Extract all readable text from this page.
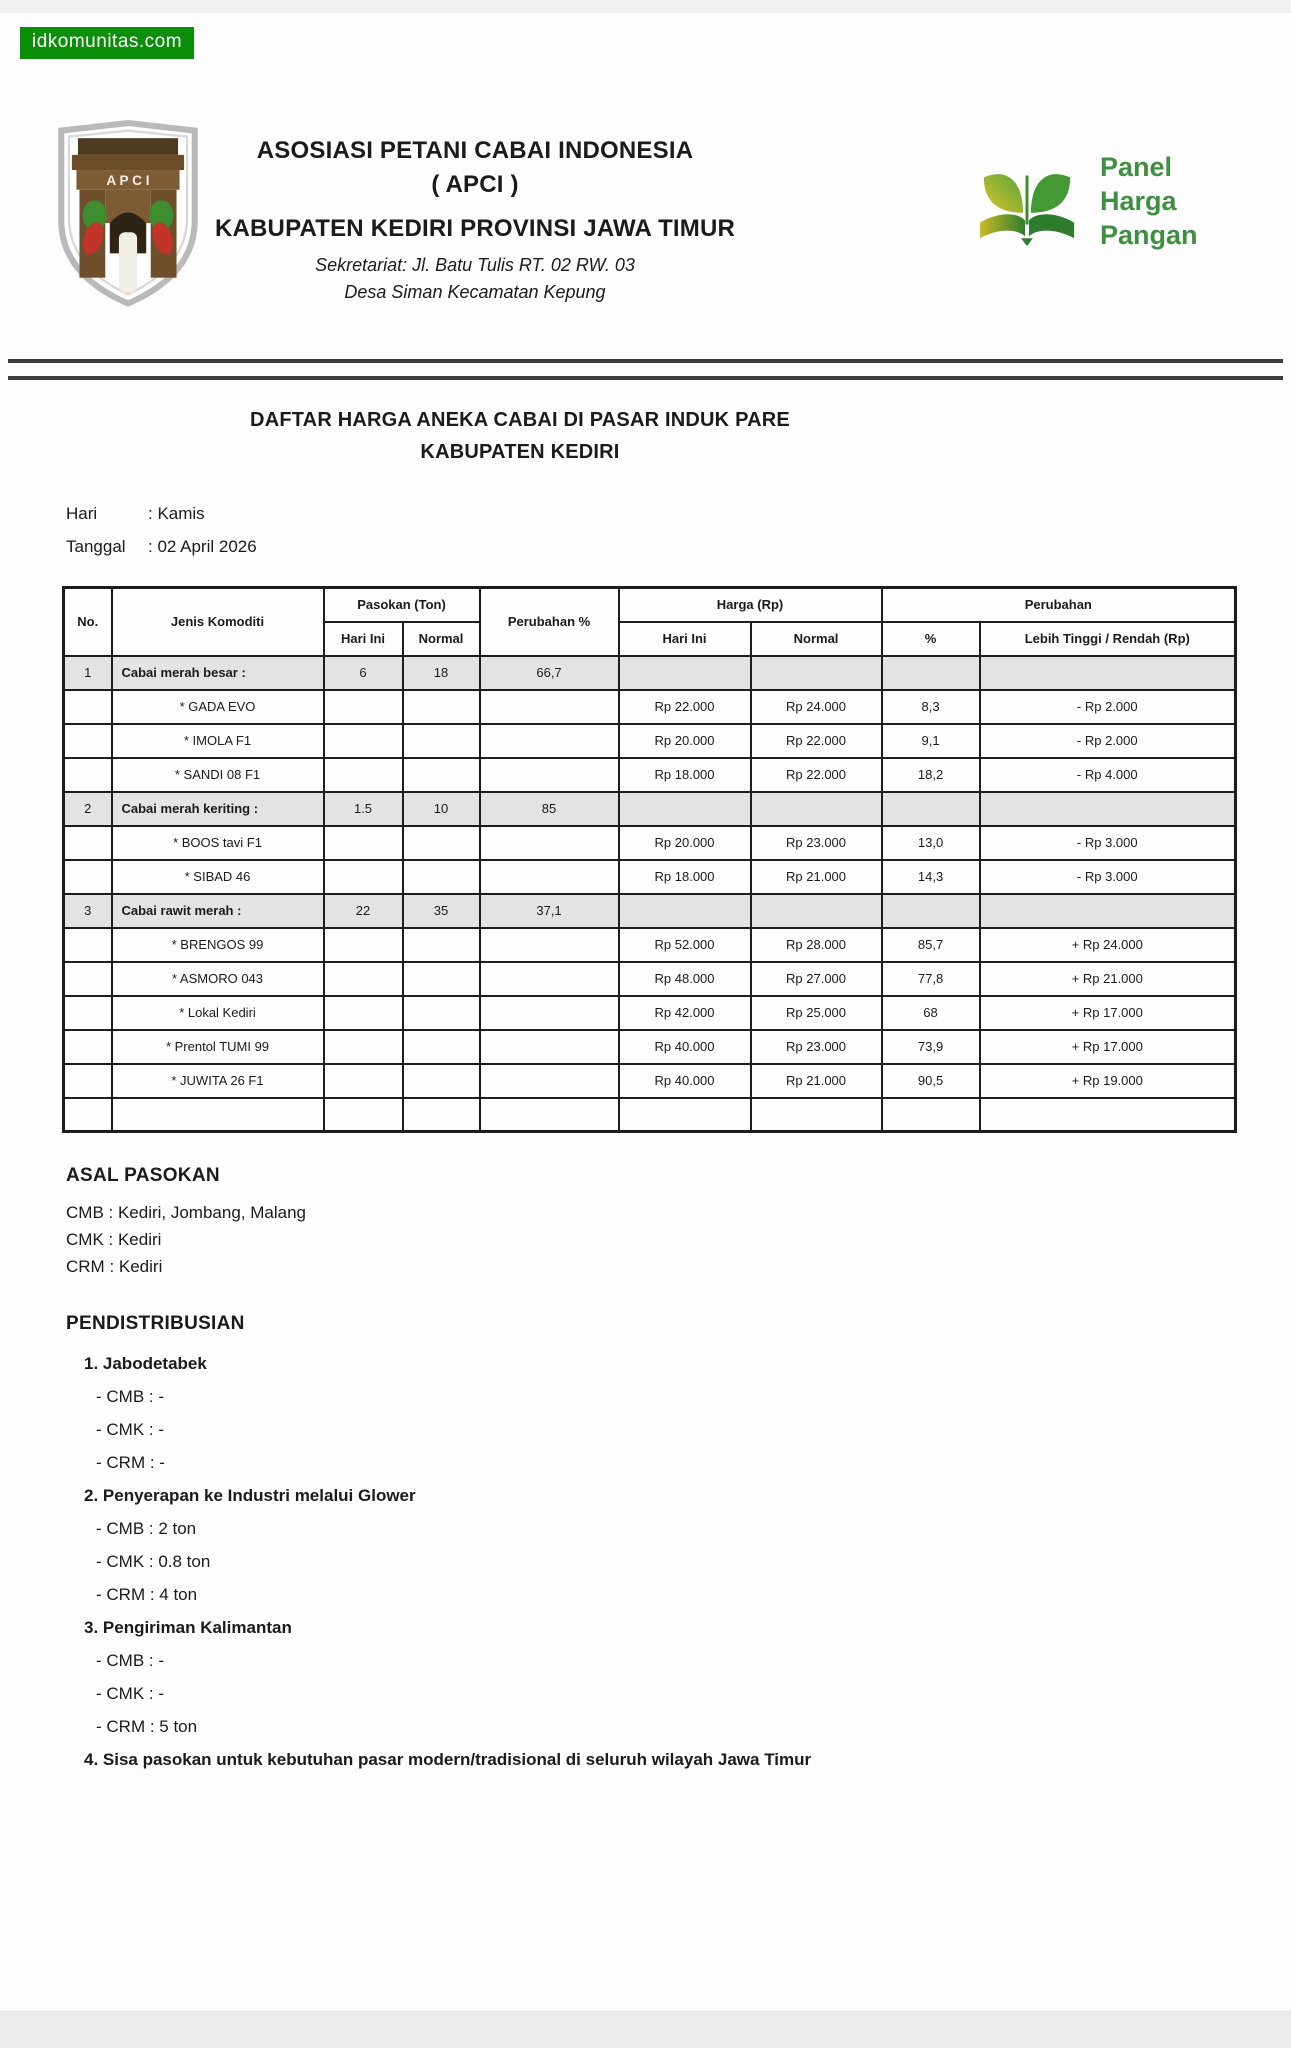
idkomunitas.com
A P C I
ASOSIASI PETANI CABAI INDONESIA
( APCI )
KABUPATEN KEDIRI PROVINSI JAWA TIMUR
Sekretariat: Jl. Batu Tulis RT. 02 RW. 03
Desa Siman Kecamatan Kepung
Panel
Harga
Pangan
DAFTAR HARGA ANEKA CABAI DI PASAR INDUK PARE
KABUPATEN KEDIRI
Hari	: Kamis
Tanggal	: 02 April 2026
No.	Jenis Komoditi	Pasokan (Ton)		Perubahan %	Harga (Rp)		Perubahan	
		Hari Ini	Normal		Hari Ini	Normal	%	Lebih Tinggi / Rendah (Rp)
1	Cabai merah besar :	6	18	66,7				
	* GADA EVO				Rp 22.000	Rp 24.000	8,3	- Rp 2.000
	* IMOLA F1				Rp 20.000	Rp 22.000	9,1	- Rp 2.000
	* SANDI 08 F1				Rp 18.000	Rp 22.000	18,2	- Rp 4.000
2	Cabai merah keriting :	1.5	10	85				
	* BOOS tavi F1				Rp 20.000	Rp 23.000	13,0	- Rp 3.000
	* SIBAD 46				Rp 18.000	Rp 21.000	14,3	- Rp 3.000
3	Cabai rawit merah :	22	35	37,1				
	* BRENGOS 99				Rp 52.000	Rp 28.000	85,7	+ Rp 24.000
	* ASMORO 043				Rp 48.000	Rp 27.000	77,8	+ Rp 21.000
	* Lokal Kediri				Rp 42.000	Rp 25.000	68	+ Rp 17.000
	* Prentol TUMI 99				Rp 40.000	Rp 23.000	73,9	+ Rp 17.000
	* JUWITA 26 F1				Rp 40.000	Rp 21.000	90,5	+ Rp 19.000

ASAL PASOKAN
CMB : Kediri, Jombang, Malang
CMK : Kediri
CRM : Kediri
PENDISTRIBUSIAN
1. Jabodetabek
- CMB : -
- CMK : -
- CRM : -
2. Penyerapan ke Industri melalui Glower
- CMB : 2 ton
- CMK : 0.8 ton
- CRM : 4 ton
3. Pengiriman Kalimantan
- CMB : -
- CMK : -
- CRM : 5 ton
4. Sisa pasokan untuk kebutuhan pasar modern/tradisional di seluruh wilayah Jawa Timur
